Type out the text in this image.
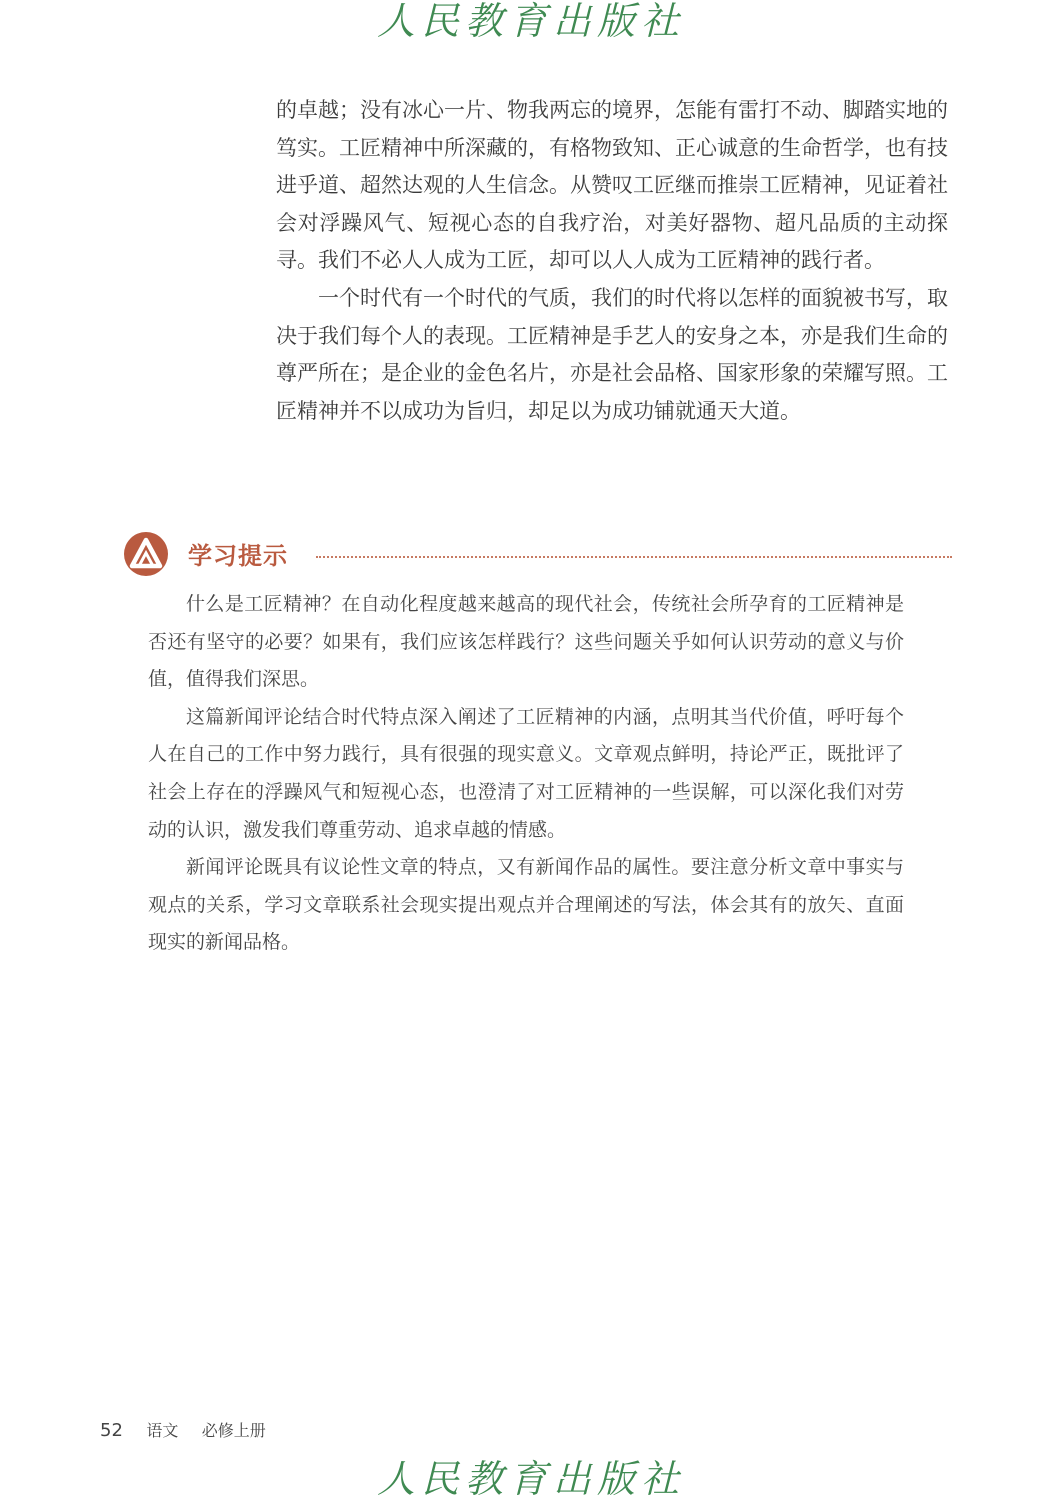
人民教育出版社

的卓越；没有冰心一片、物我两忘的境界，怎能有雷打不动、脚踏实地的笃实。工匠精神中所深藏的，有格物致知、正心诚意的生命哲学，也有技进乎道、超然达观的人生信念。从赞叹工匠继而推崇工匠精神，见证着社会对浮躁风气、短视心态的自我疗治，对美好器物、超凡品质的主动探寻。我们不必人人成为工匠，却可以人人成为工匠精神的践行者。

一个时代有一个时代的气质，我们的时代将以怎样的面貌被书写，取决于我们每个人的表现。工匠精神是手艺人的安身之本，亦是我们生命的尊严所在；是企业的金色名片，亦是社会品格、国家形象的荣耀写照。工匠精神并不以成功为旨归，却足以为成功铺就通天大道。

学习提示

什么是工匠精神？在自动化程度越来越高的现代社会，传统社会所孕育的工匠精神是否还有坚守的必要？如果有，我们应该怎样践行？这些问题关乎如何认识劳动的意义与价值，值得我们深思。

这篇新闻评论结合时代特点深入阐述了工匠精神的内涵，点明其当代价值，呼吁每个人在自己的工作中努力践行，具有很强的现实意义。文章观点鲜明，持论严正，既批评了社会上存在的浮躁风气和短视心态，也澄清了对工匠精神的一些误解，可以深化我们对劳动的认识，激发我们尊重劳动、追求卓越的情感。

新闻评论既具有议论性文章的特点，又有新闻作品的属性。要注意分析文章中事实与观点的关系，学习文章联系社会现实提出观点并合理阐述的写法，体会其有的放矢、直面现实的新闻品格。

52 语文 必修上册
人民教育出版社
